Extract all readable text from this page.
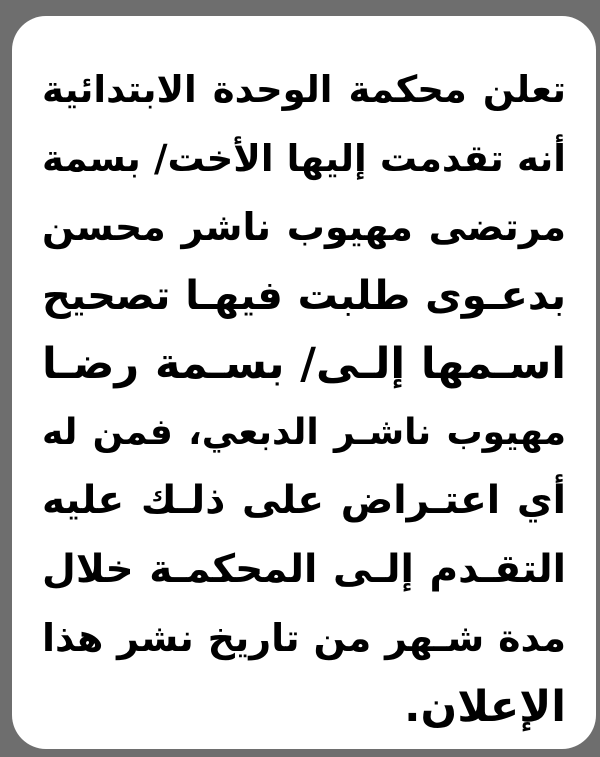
تعلن محكمة الوحدة الابتدائية
أنه تقدمت إليها الأخت/ بسمة
مرتضى مهيوب ناشر محسن
بدعـوى طلبت فيهـا تصحيح
اسـمها إلـى/ بسـمة رضـا
مهيوب ناشـر الدبعي، فمن له
أي اعتـراض على ذلـك عليه
التقـدم إلـى المحكمـة خلال
مدة شـهر من تاريخ نشر هذا
الإعلان.
